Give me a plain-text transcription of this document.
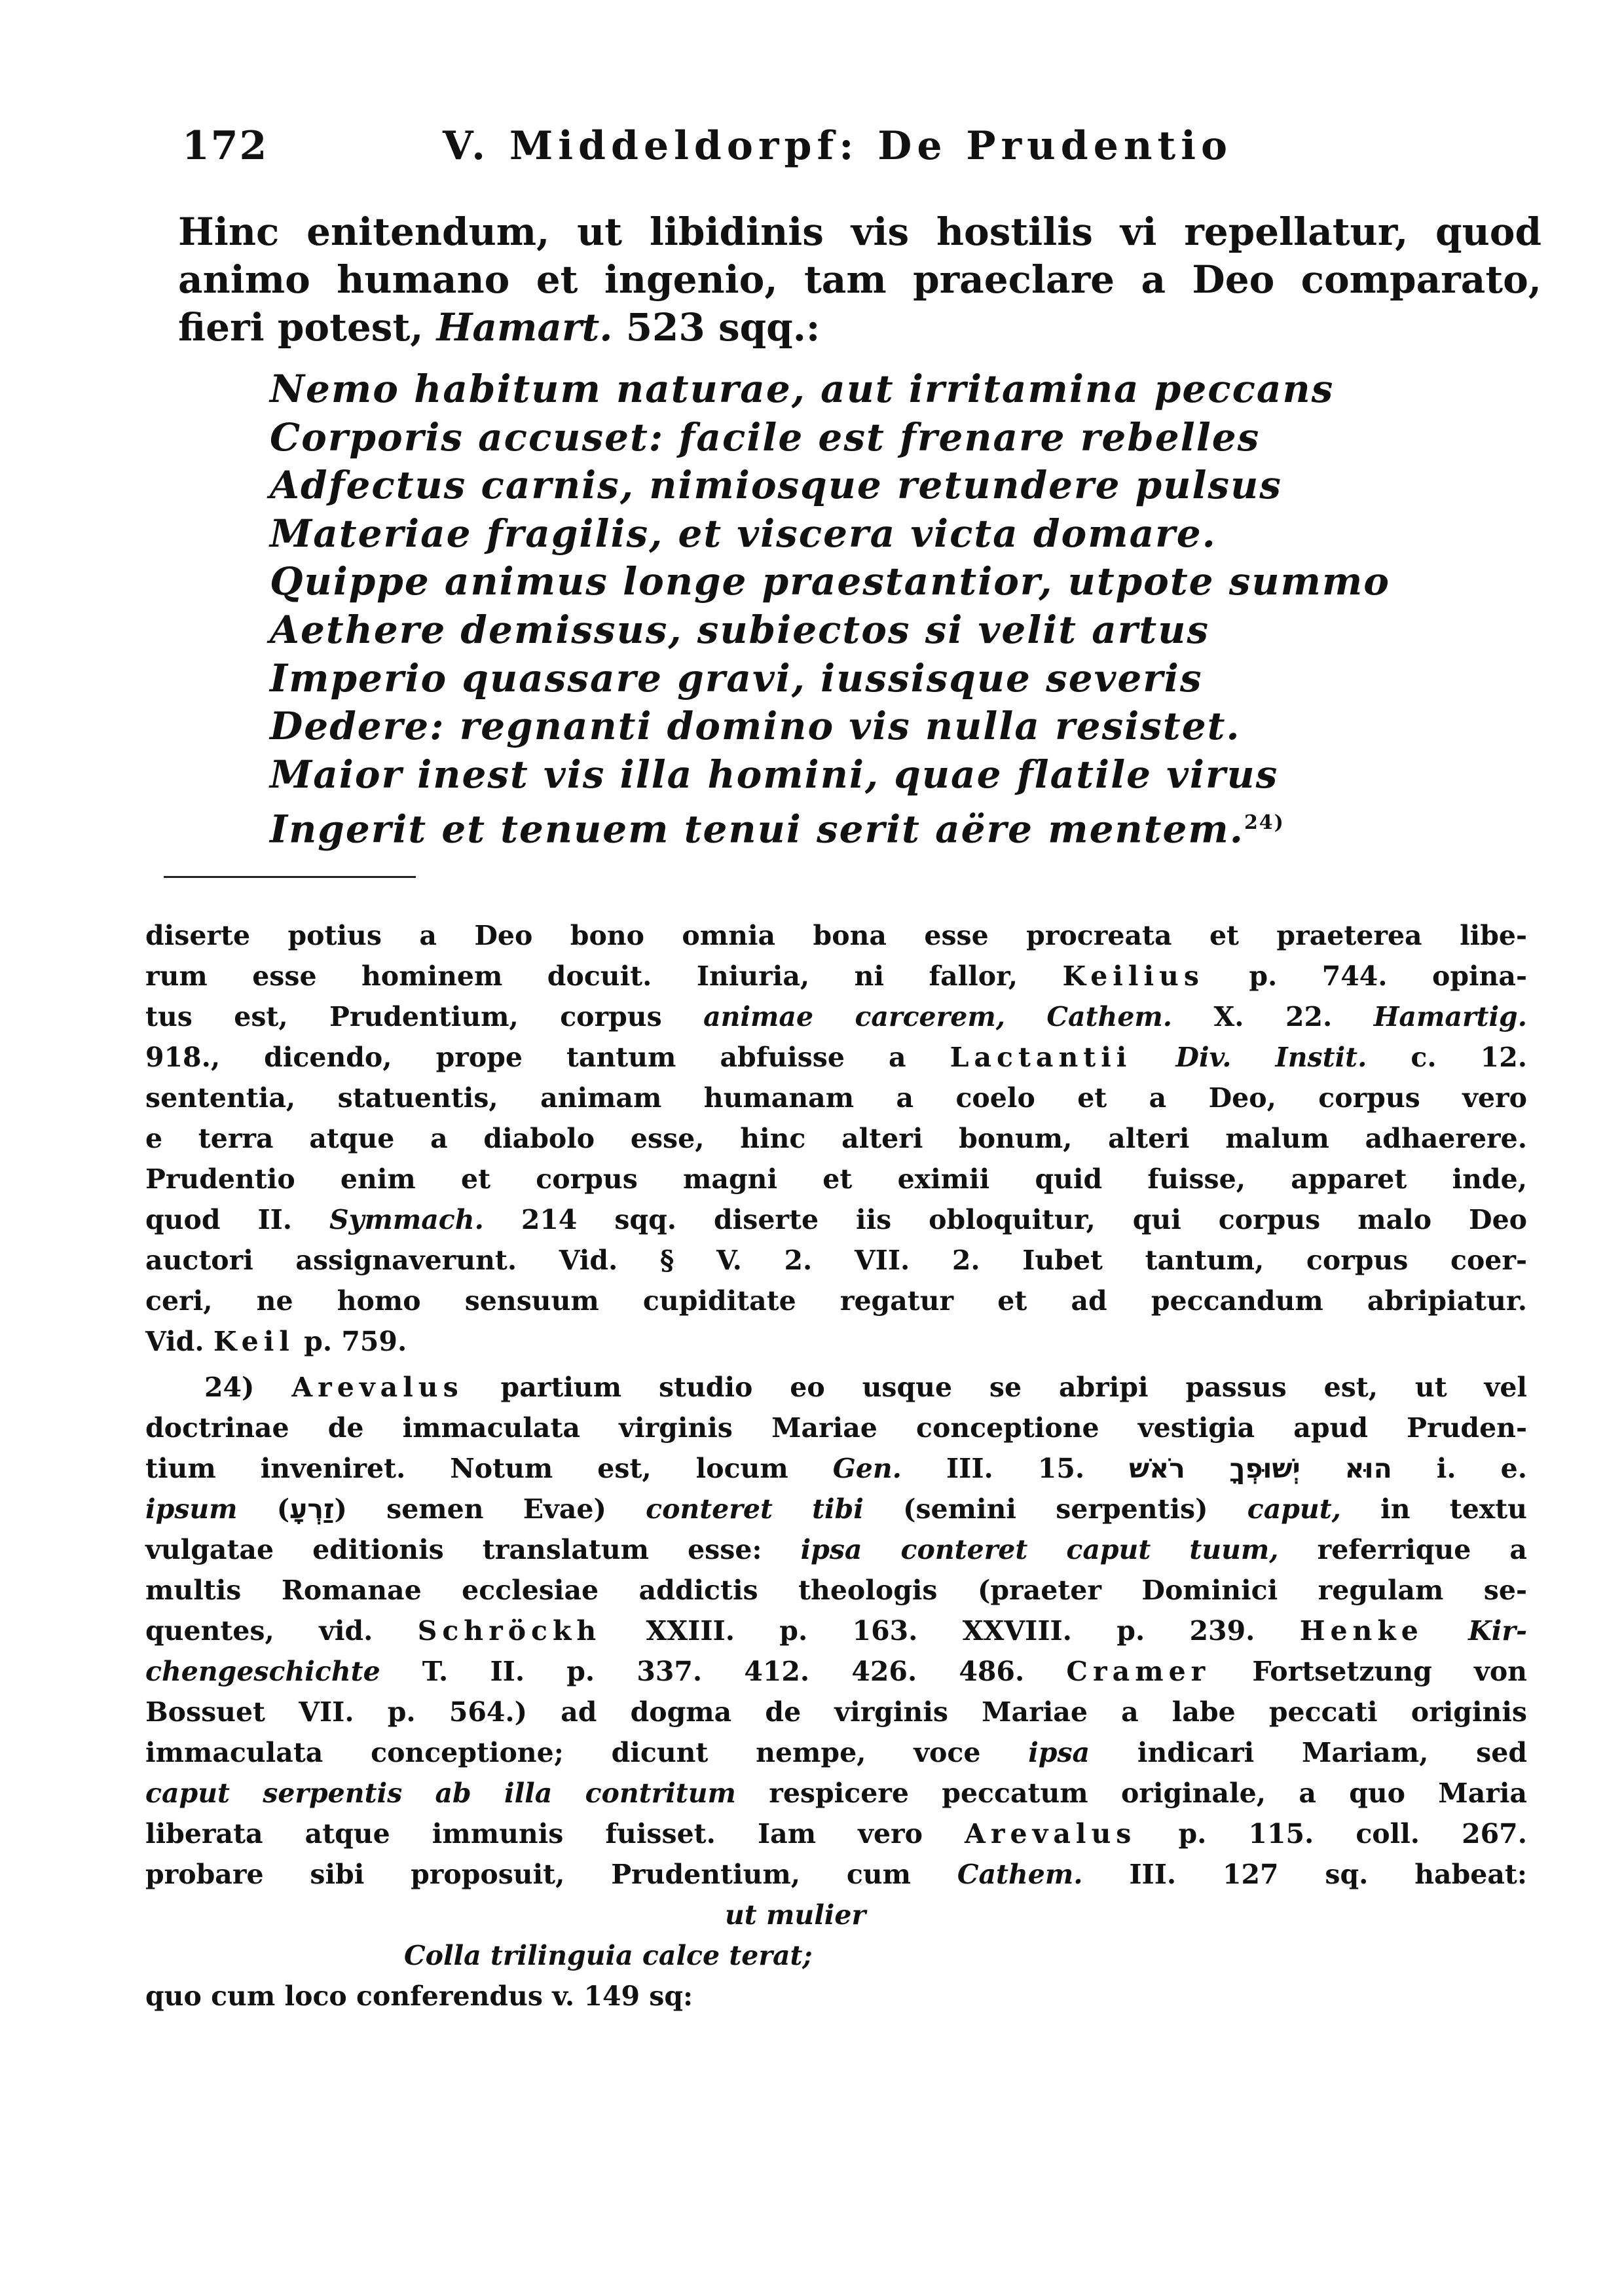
172	V. Middeldorpf: De Prudentio
Hinc enitendum, ut libidinis vis hostilis vi repellatur, quod
animo humano et ingenio, tam praeclare a Deo comparato,
fieri potest, Hamart. 523 sqq.:
Nemo habitum naturae, aut irritamina peccans
Corporis accuset: facile est frenare rebelles
Adfectus carnis, nimiosque retundere pulsus
Materiae fragilis, et viscera victa domare.
Quippe animus longe praestantior, utpote summo
Aethere demissus, subiectos si velit artus
Imperio quassare gravi, iussisque severis
Dedere: regnanti domino vis nulla resistet.
Maior inest vis illa homini, quae flatile virus
Ingerit et tenuem tenui serit aëre mentem.$^{24)}$
diserte potius a Deo bono omnia bona esse procreata et praeterea libe-
rum esse hominem docuit. Iniuria, ni fallor, Keilius p. 744. opina-
tus est, Prudentium, corpus animae carcerem, Cathem. X. 22. Hamartig.
918., dicendo, prope tantum abfuisse a Lactantii Div. Instit. c. 12.
sententia, statuentis, animam humanam a coelo et a Deo, corpus vero
e terra atque a diabolo esse, hinc alteri bonum, alteri malum adhaerere.
Prudentio enim et corpus magni et eximii quid fuisse, apparet inde,
quod II. Symmach. 214 sqq. diserte iis obloquitur, qui corpus malo Deo
auctori assignaverunt. Vid. § V. 2. VII. 2. Iubet tantum, corpus coer-
ceri, ne homo sensuum cupiditate regatur et ad peccandum abripiatur.
Vid. Keil p. 759.
24) Arevalus partium studio eo usque se abripi passus est, ut vel
doctrinae de immaculata virginis Mariae conceptione vestigia apud Pruden-
tium inveniret. Notum est, locum Gen. III. 15. הוּא יְשׁוּפְךָ רֹאשׁ i. e.
ipsum (זַרְעָ) semen Evae) conteret tibi (semini serpentis) caput, in textu
vulgatae editionis translatum esse: ipsa conteret caput tuum, referrique a
multis Romanae ecclesiae addictis theologis (praeter Dominici regulam se-
quentes, vid. Schröckh XXIII. p. 163. XXVIII. p. 239. Henke Kir-
chengeschichte T. II. p. 337. 412. 426. 486. Cramer Fortsetzung von
Bossuet VII. p. 564.) ad dogma de virginis Mariae a labe peccati originis
immaculata conceptione; dicunt nempe, voce ipsa indicari Mariam, sed
caput serpentis ab illa contritum respicere peccatum originale, a quo Maria
liberata atque immunis fuisset. Iam vero Arevalus p. 115. coll. 267.
probare sibi proposuit, Prudentium, cum Cathem. III. 127 sq. habeat:
ut mulier
Colla trilinguia calce terat;
quo cum loco conferendus v. 149 sq:
